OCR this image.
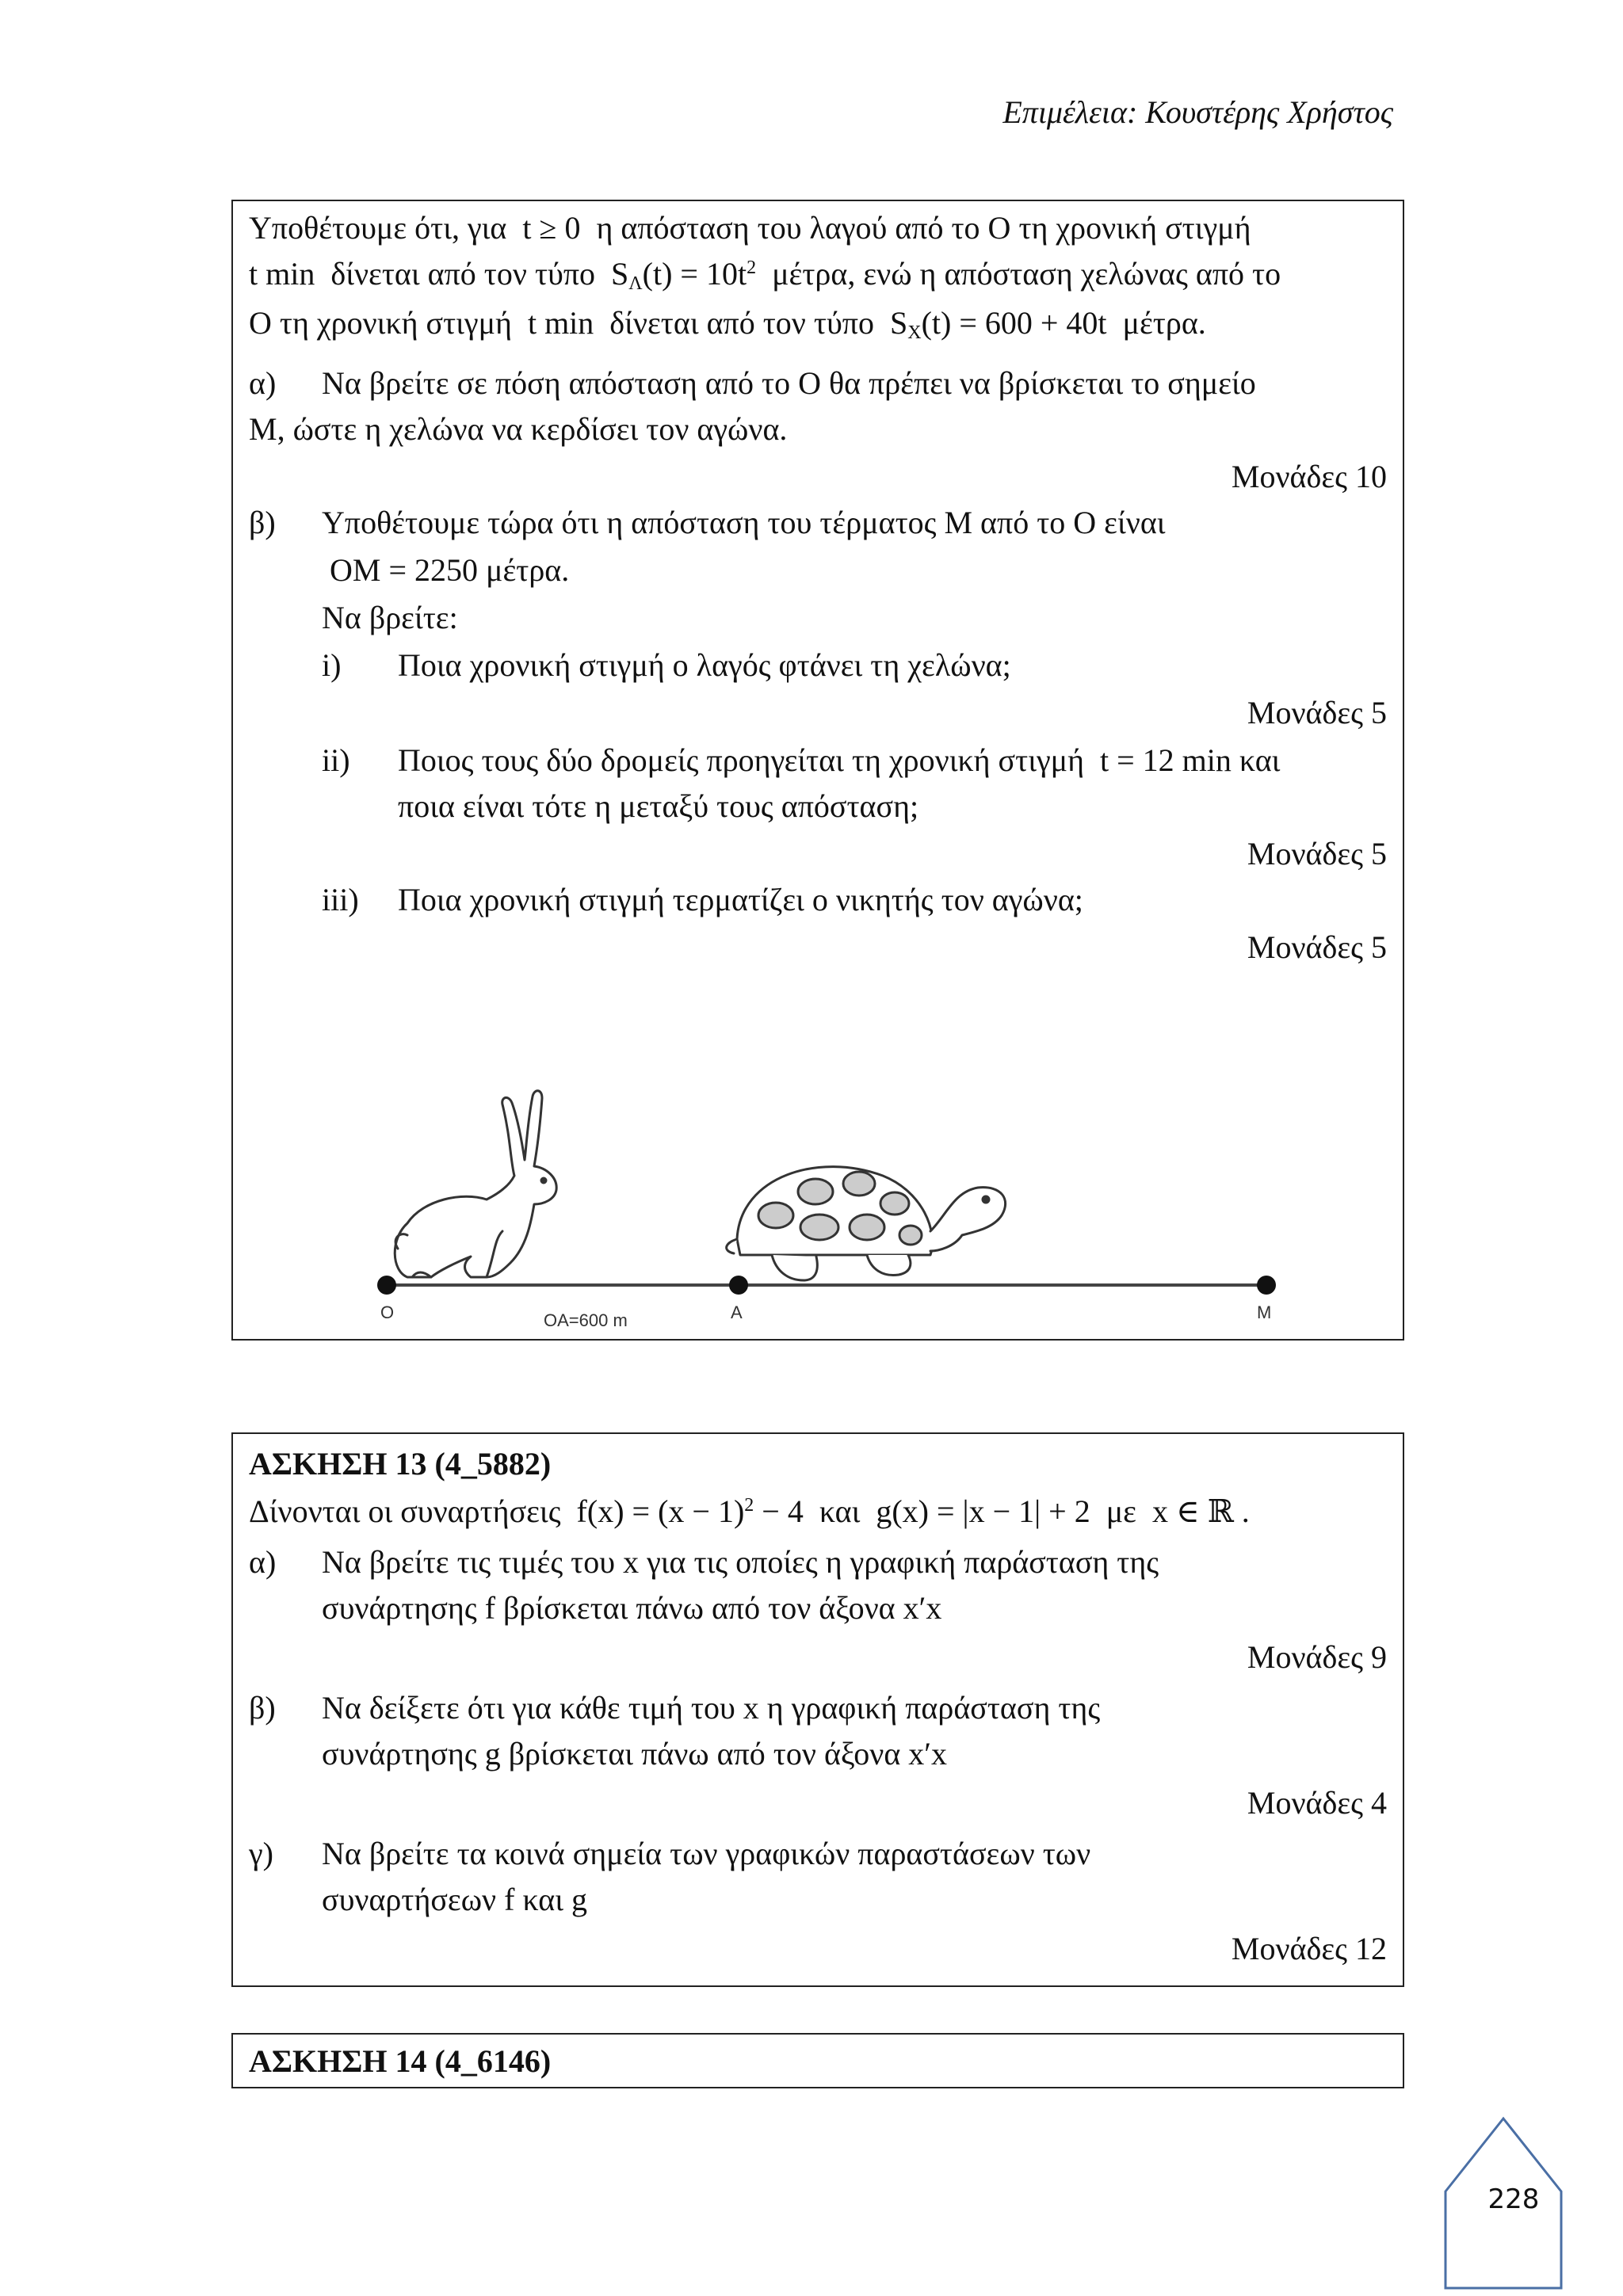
Επιμέλεια: Κουστέρης Χρήστος
Υποθέτουμε ότι, για t ≥ 0 η απόσταση του λαγού από το Ο τη χρονική στιγμή
t min δίνεται από τον τύπο $S_\Lambda(t) = 10t^2$ μέτρα, ενώ η απόσταση χελώνας από το
Ο τη χρονική στιγμή t min δίνεται από τον τύπο $S_X(t) = 600 + 40t$ μέτρα.
α) Να βρείτε σε πόση απόσταση από το Ο θα πρέπει να βρίσκεται το σημείο
Μ, ώστε η χελώνα να κερδίσει τον αγώνα.
Μονάδες 10
β) Υποθέτουμε τώρα ότι η απόσταση του τέρματος Μ από το Ο είναι
ΟΜ = 2250 μέτρα.
Να βρείτε:
i) Ποια χρονική στιγμή ο λαγός φτάνει τη χελώνα;
Μονάδες 5
ii) Ποιος τους δύο δρομείς προηγείται τη χρονική στιγμή t = 12 min και
ποια είναι τότε η μεταξύ τους απόσταση;
Μονάδες 5
iii) Ποια χρονική στιγμή τερματίζει ο νικητής τον αγώνα;
Μονάδες 5
O	A	M
OA=600 m
ΑΣΚΗΣΗ 13 (4_5882)
Δίνονται οι συναρτήσεις $f(x) = (x - 1)^2 - 4$ και g(x) = |x − 1| + 2 με x ∈ ℝ .
α) Να βρείτε τις τιμές του x για τις οποίες η γραφική παράσταση της
συνάρτησης f βρίσκεται πάνω από τον άξονα x′x
Μονάδες 9
β) Να δείξετε ότι για κάθε τιμή του x η γραφική παράσταση της
συνάρτησης g βρίσκεται πάνω από τον άξονα x′x
Μονάδες 4
γ) Να βρείτε τα κοινά σημεία των γραφικών παραστάσεων των
συναρτήσεων f και g
Μονάδες 12
ΑΣΚΗΣΗ 14 (4_6146)
228
